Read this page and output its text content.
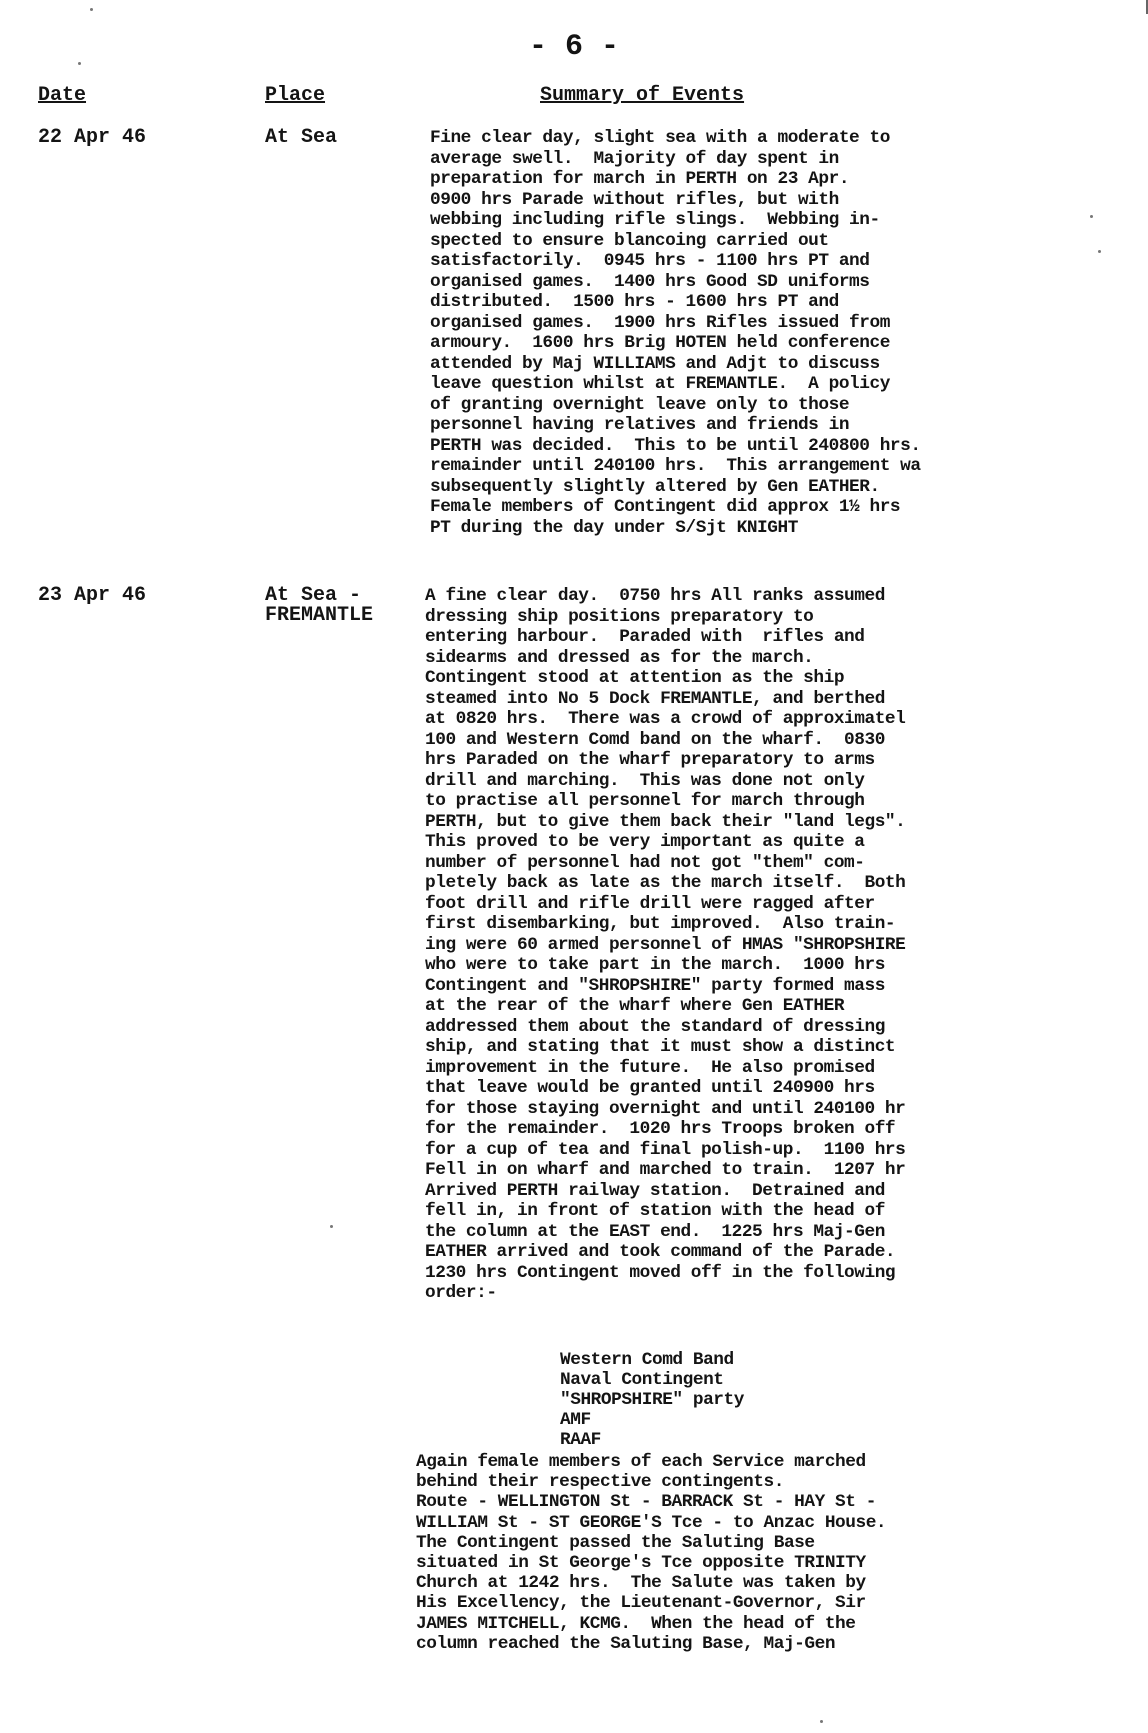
- 6 -
Date	Place	Summary of Events
22 Apr 46	At Sea	Fine clear day, slight sea with a moderate to
average swell.  Majority of day spent in
preparation for march in PERTH on 23 Apr.
0900 hrs Parade without rifles, but with
webbing including rifle slings.  Webbing in-
spected to ensure blancoing carried out
satisfactorily.  0945 hrs - 1100 hrs PT and
organised games.  1400 hrs Good SD uniforms
distributed.  1500 hrs - 1600 hrs PT and
organised games.  1900 hrs Rifles issued from
armoury.  1600 hrs Brig HOTEN held conference
attended by Maj WILLIAMS and Adjt to discuss
leave question whilst at FREMANTLE.  A policy
of granting overnight leave only to those
personnel having relatives and friends in
PERTH was decided.  This to be until 240800 hrs.
remainder until 240100 hrs.  This arrangement wa
subsequently slightly altered by Gen EATHER.
Female members of Contingent did approx 1½ hrs
PT during the day under S/Sjt KNIGHT
23 Apr 46	At Sea -
FREMANTLE
A fine clear day.  0750 hrs All ranks assumed
dressing ship positions preparatory to
entering harbour.  Paraded with  rifles and
sidearms and dressed as for the march.
Contingent stood at attention as the ship
steamed into No 5 Dock FREMANTLE, and berthed
at 0820 hrs.  There was a crowd of approximatel
100 and Western Comd band on the wharf.  0830
hrs Paraded on the wharf preparatory to arms
drill and marching.  This was done not only
to practise all personnel for march through
PERTH, but to give them back their "land legs".
This proved to be very important as quite a
number of personnel had not got "them" com-
pletely back as late as the march itself.  Both
foot drill and rifle drill were ragged after
first disembarking, but improved.  Also train-
ing were 60 armed personnel of HMAS "SHROPSHIRE
who were to take part in the march.  1000 hrs
Contingent and "SHROPSHIRE" party formed mass
at the rear of the wharf where Gen EATHER
addressed them about the standard of dressing
ship, and stating that it must show a distinct
improvement in the future.  He also promised
that leave would be granted until 240900 hrs
for those staying overnight and until 240100 hr
for the remainder.  1020 hrs Troops broken off
for a cup of tea and final polish-up.  1100 hrs
Fell in on wharf and marched to train.  1207 hr
Arrived PERTH railway station.  Detrained and
fell in, in front of station with the head of
the column at the EAST end.  1225 hrs Maj-Gen
EATHER arrived and took command of the Parade.
1230 hrs Contingent moved off in the following
order:-
Western Comd Band
Naval Contingent
"SHROPSHIRE" party
AMF
RAAF
Again female members of each Service marched
behind their respective contingents.
Route - WELLINGTON St - BARRACK St - HAY St -
WILLIAM St - ST GEORGE'S Tce - to Anzac House.
The Contingent passed the Saluting Base
situated in St George's Tce opposite TRINITY
Church at 1242 hrs.  The Salute was taken by
His Excellency, the Lieutenant-Governor, Sir
JAMES MITCHELL, KCMG.  When the head of the
column reached the Saluting Base, Maj-Gen
